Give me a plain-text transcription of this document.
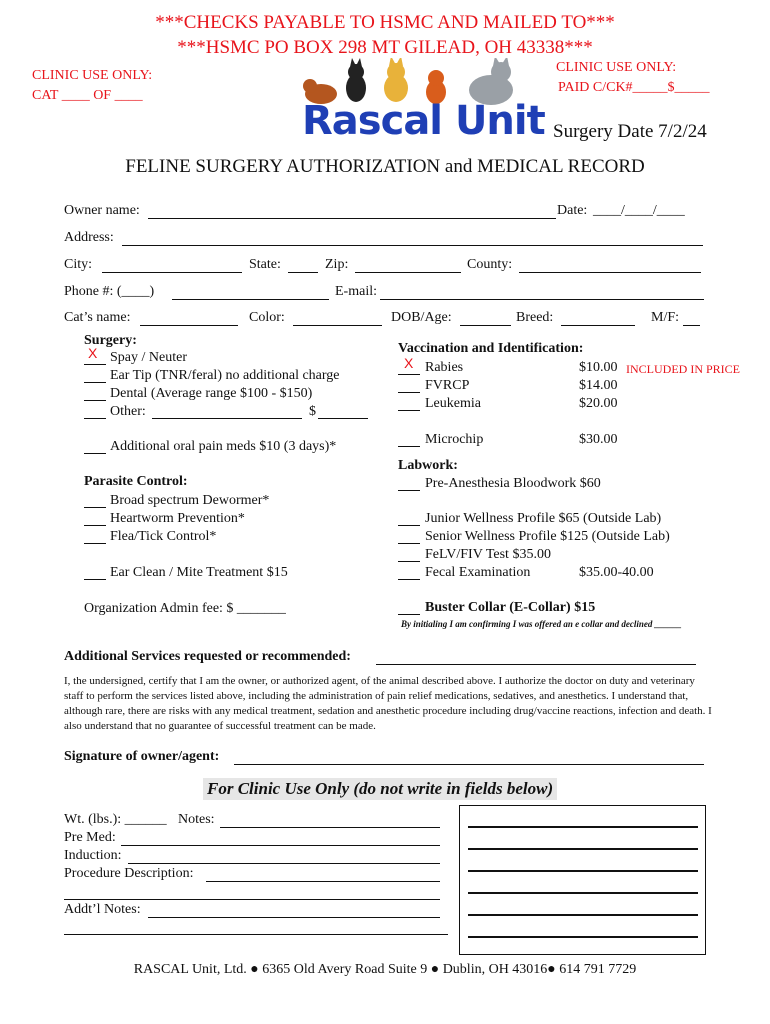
***CHECKS PAYABLE TO HSMC AND MAILED TO***
***HSMC PO BOX 298 MT GILEAD, OH 43338***
CLINIC USE ONLY:
CAT ____ OF ____
CLINIC USE ONLY:
PAID C/CK#_____$_____
Rascal Unit Surgery Date 7/2/24
FELINE SURGERY AUTHORIZATION and MEDICAL RECORD
Owner name:	Date: ____/____/____
Address:
City:	State:	Zip:	County:
Phone #: (____)	E-mail:
Cat’s name:	Color:	DOB/Age:	Breed:	M/F:
Surgery:
X Spay / Neuter
Ear Tip (TNR/feral) no additional charge
Dental (Average range $100 - $150)
Other:	$
Additional oral pain meds $10 (3 days)*
Parasite Control:
Broad spectrum Dewormer*
Heartworm Prevention*
Flea/Tick Control*
Ear Clean / Mite Treatment $15
Organization Admin fee: $ _______
Vaccination and Identification:
X Rabies	$10.00 INCLUDED IN PRICE
FVRCP	$14.00
Leukemia	$20.00
Microchip	$30.00
Labwork:
Pre-Anesthesia Bloodwork $60
Junior Wellness Profile $65 (Outside Lab)
Senior Wellness Profile $125 (Outside Lab)
FeLV/FIV Test $35.00
Fecal Examination	$35.00-40.00
Buster Collar (E-Collar) $15
By initialing I am confirming I was offered an e collar and declined ______
Additional Services requested or recommended:
I, the undersigned, certify that I am the owner, or authorized agent, of the animal described above. I authorize the doctor on duty and veterinary staff to perform the services listed above, including the administration of pain relief medications, sedatives, and anesthetics. I understand that, although rare, there are risks with any medical treatment, sedation and anesthetic procedure including drug/vaccine reactions, infection and death. I also understand that no guarantee of successful treatment can be made.
Signature of owner/agent:
For Clinic Use Only (do not write in fields below)
Wt. (lbs.): ______ Notes:
Pre Med:
Induction:
Procedure Description:
Addt’l Notes:
RASCAL Unit, Ltd. ● 6365 Old Avery Road Suite 9 ● Dublin, OH 43016● 614 791 7729
